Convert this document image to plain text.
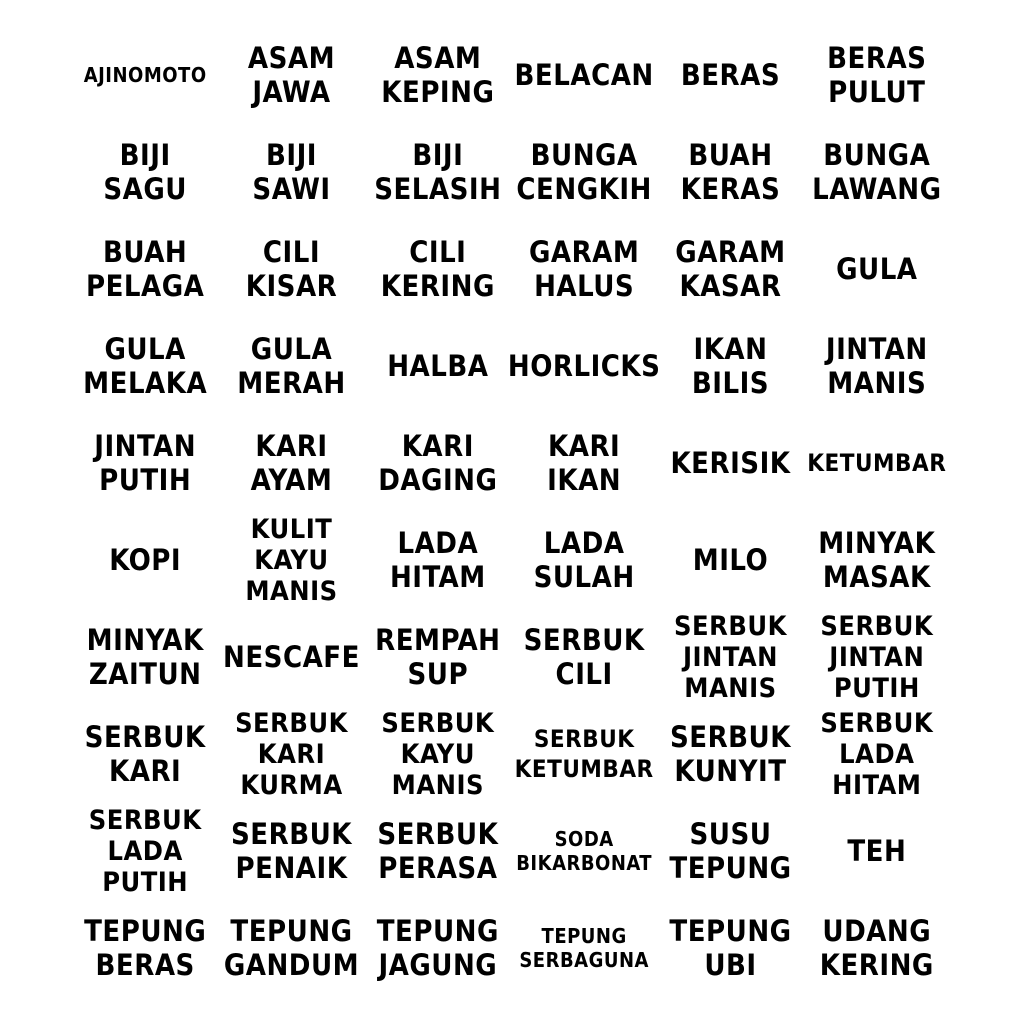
AJINOMOTO ASAM
JAWA
ASAM
KEPING BELACAN BERAS BERAS
PULUT
BIJI
SAGU
BIJI
SAWI
BIJI
SELASIH
BUNGA
CENGKIH
BUAH
KERAS
BUNGA
LAWANG
BUAH
PELAGA
CILI
KISAR
CILI
KERING
GARAM
HALUS
GARAM
KASAR GULA
GULA
MELAKA
GULA
MERAH HALBA HORLICKS IKAN
BILIS
JINTAN
MANIS
JINTAN
PUTIH
KARI
AYAM
KARI
DAGING
KARI
IKAN KERISIK KETUMBAR
KOPI
KULIT
KAYU
MANIS
LADA
HITAM
LADA
SULAH MILO MINYAK
MASAK
MINYAK
ZAITUN NESCAFE REMPAH
SUP
SERBUK
CILI
SERBUK
JINTAN
MANIS
SERBUK
JINTAN
PUTIH
SERBUK
KARI
SERBUK
KARI
KURMA
SERBUK
KAYU
MANIS
SERBUK
KETUMBAR
SERBUK
KUNYIT
SERBUK
LADA
HITAM
SERBUK
LADA
PUTIH
SERBUK
PENAIK
SERBUK
PERASA
SODA
BIKARBONAT
SUSU
TEPUNG TEH
TEPUNG
BERAS
TEPUNG
GANDUM
TEPUNG
JAGUNG
TEPUNG
SERBAGUNA
TEPUNG
UBI
UDANG
KERING
